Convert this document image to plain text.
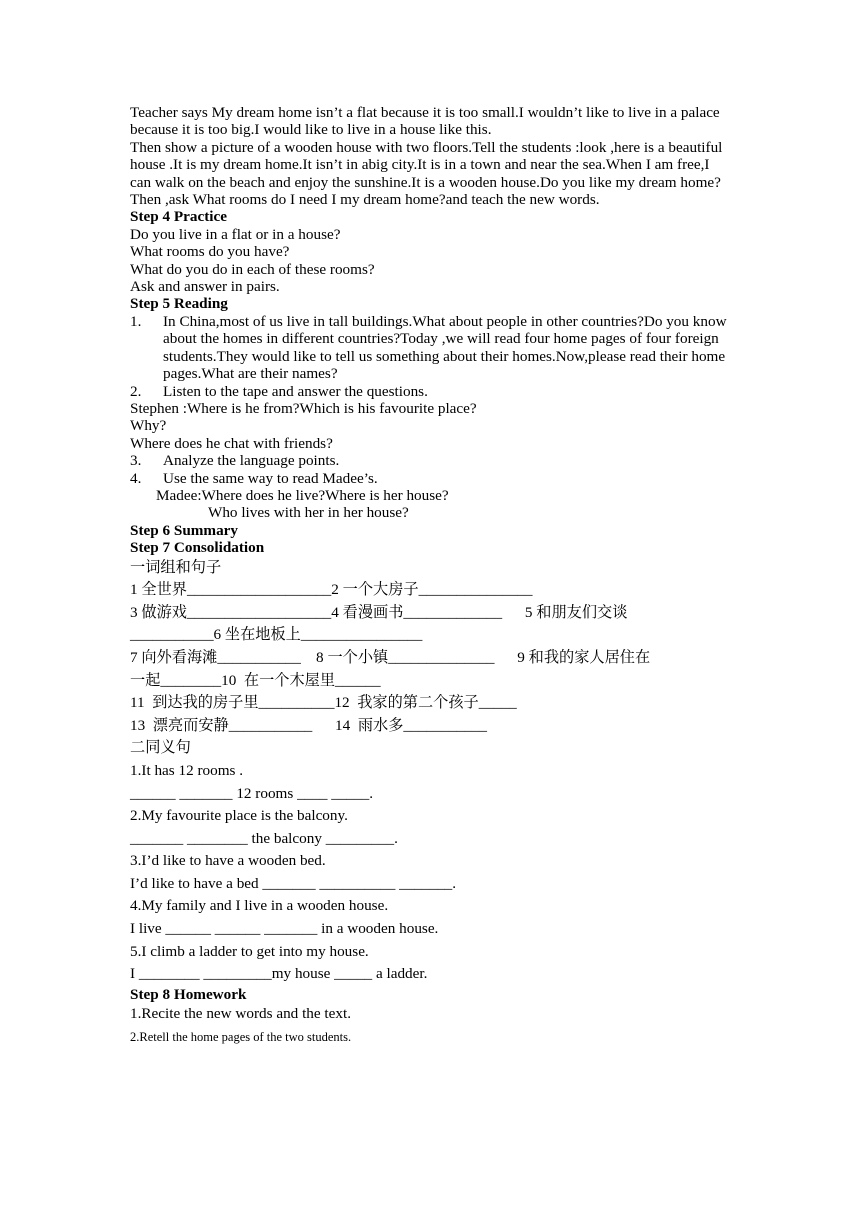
Teacher says My dream home isn’t a flat because it is too small.I wouldn’t like to live in a palace because it is too big.I would like to live in a house like this.

Then show a picture of a wooden house with two floors.Tell the students :look ,here is a beautiful house .It is my dream home.It isn’t in abig city.It is in a town and near the sea.When I am free,I can walk on the beach and enjoy the sunshine.It is a wooden house.Do you like my dream home?

Then ,ask What rooms do I need I my dream home?and teach the new words.

Step 4 Practice

Do you live in a flat or in a house?

What rooms do you have?

What do you do in each of these rooms?

Ask and answer in pairs.

Step 5 Reading

1.	In China,most of us live in tall buildings.What about people in other countries?Do you know about the homes in different countries?Today ,we will read four home pages of four foreign students.They would like to tell us something about their homes.Now,please read their home pages.What are their names?
2.	Listen to the tape and answer the questions.

Stephen :Where is he from?Which is his favourite place?

Why?

Where does he chat with friends?

3.	Analyze the language points.
4.	Use the same way to read Madee’s.

Madee:Where does he live?Where is her house?

Who lives with her in her house?

Step 6 Summary

Step 7 Consolidation

一词组和句子

1 全世界___________________2 一个大房子_______________

3 做游戏___________________4 看漫画书_____________      5 和朋友们交谈

___________6 坐在地板上________________

7 向外看海滩___________    8 一个小镇______________      9 和我的家人居住在

一起________10  在一个木屋里______

11  到达我的房子里__________12  我家的第二个孩子_____

13  漂亮而安静___________      14  雨水多___________

二同义句

1.It has 12 rooms .

______ _______ 12 rooms ____ _____.

2.My favourite place is the balcony.

_______ ________ the balcony _________.

3.I’d like to have a wooden bed.

I’d like to have a bed _______ __________ _______.

4.My family and I live in a wooden house.

I live ______ ______ _______ in a wooden house.

5.I climb a ladder to get into my house.

I ________ _________my house _____ a ladder.

Step 8 Homework

1.Recite the new words and the text.

2.Retell the home pages of the two students.
